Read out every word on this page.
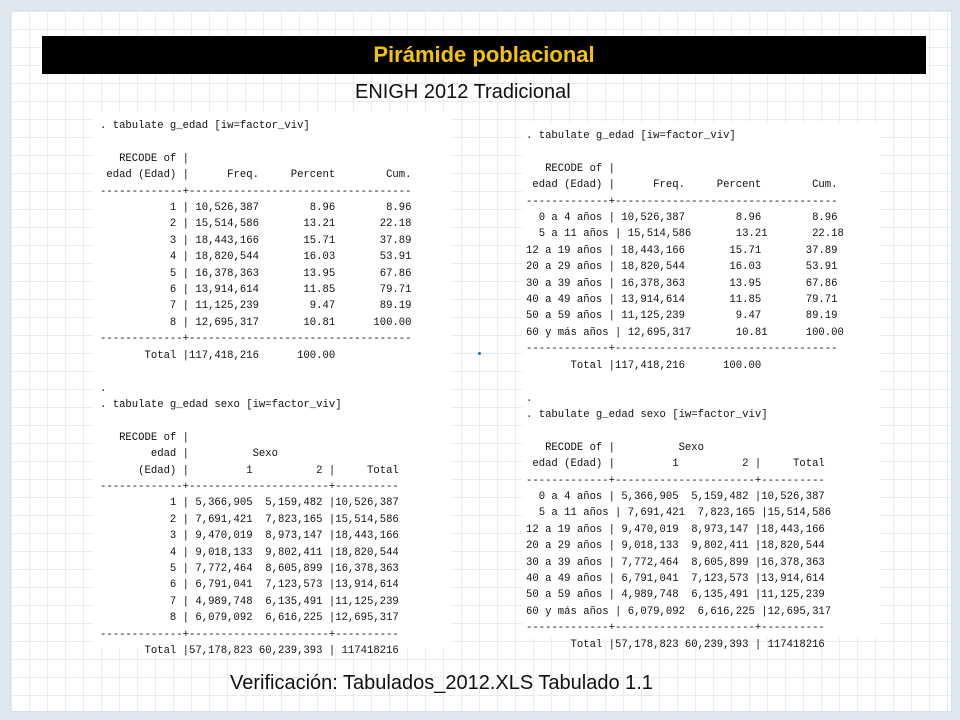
Pirámide poblacional
ENIGH 2012 Tradicional
. tabulate g_edad [iw=factor_viv]

RECODE of |
edad (Edad) |      Freq.     Percent        Cum.
-------------+-----------------------------------
1 | 10,526,387        8.96        8.96
2 | 15,514,586       13.21       22.18
3 | 18,443,166       15.71       37.89
4 | 18,820,544       16.03       53.91
5 | 16,378,363       13.95       67.86
6 | 13,914,614       11.85       79.71
7 | 11,125,239        9.47       89.19
8 | 12,695,317       10.81      100.00
-------------+-----------------------------------
Total |117,418,216      100.00

.
. tabulate g_edad sexo [iw=factor_viv]

RECODE of |
edad |          Sexo
(Edad) |         1          2 |     Total
-------------+----------------------+----------
1 | 5,366,905  5,159,482 |10,526,387
2 | 7,691,421  7,823,165 |15,514,586
3 | 9,470,019  8,973,147 |18,443,166
4 | 9,018,133  9,802,411 |18,820,544
5 | 7,772,464  8,605,899 |16,378,363
6 | 6,791,041  7,123,573 |13,914,614
7 | 4,989,748  6,135,491 |11,125,239
8 | 6,079,092  6,616,225 |12,695,317
-------------+----------------------+----------
Total |57,178,823 60,239,393 | 117418216
. tabulate g_edad [iw=factor_viv]

RECODE of |
edad (Edad) |      Freq.     Percent        Cum.
-------------+-----------------------------------
0 a 4 años | 10,526,387        8.96        8.96
5 a 11 años | 15,514,586       13.21       22.18
12 a 19 años | 18,443,166       15.71       37.89
20 a 29 años | 18,820,544       16.03       53.91
30 a 39 años | 16,378,363       13.95       67.86
40 a 49 años | 13,914,614       11.85       79.71
50 a 59 años | 11,125,239        9.47       89.19
60 y más años | 12,695,317       10.81      100.00
-------------+-----------------------------------
Total |117,418,216      100.00

.
. tabulate g_edad sexo [iw=factor_viv]

RECODE of |          Sexo
edad (Edad) |         1          2 |     Total
-------------+----------------------+----------
0 a 4 años | 5,366,905  5,159,482 |10,526,387
5 a 11 años | 7,691,421  7,823,165 |15,514,586
12 a 19 años | 9,470,019  8,973,147 |18,443,166
20 a 29 años | 9,018,133  9,802,411 |18,820,544
30 a 39 años | 7,772,464  8,605,899 |16,378,363
40 a 49 años | 6,791,041  7,123,573 |13,914,614
50 a 59 años | 4,989,748  6,135,491 |11,125,239
60 y más años | 6,079,092  6,616,225 |12,695,317
-------------+----------------------+----------
Total |57,178,823 60,239,393 | 117418216
Verificación: Tabulados_2012.XLS Tabulado 1.1
